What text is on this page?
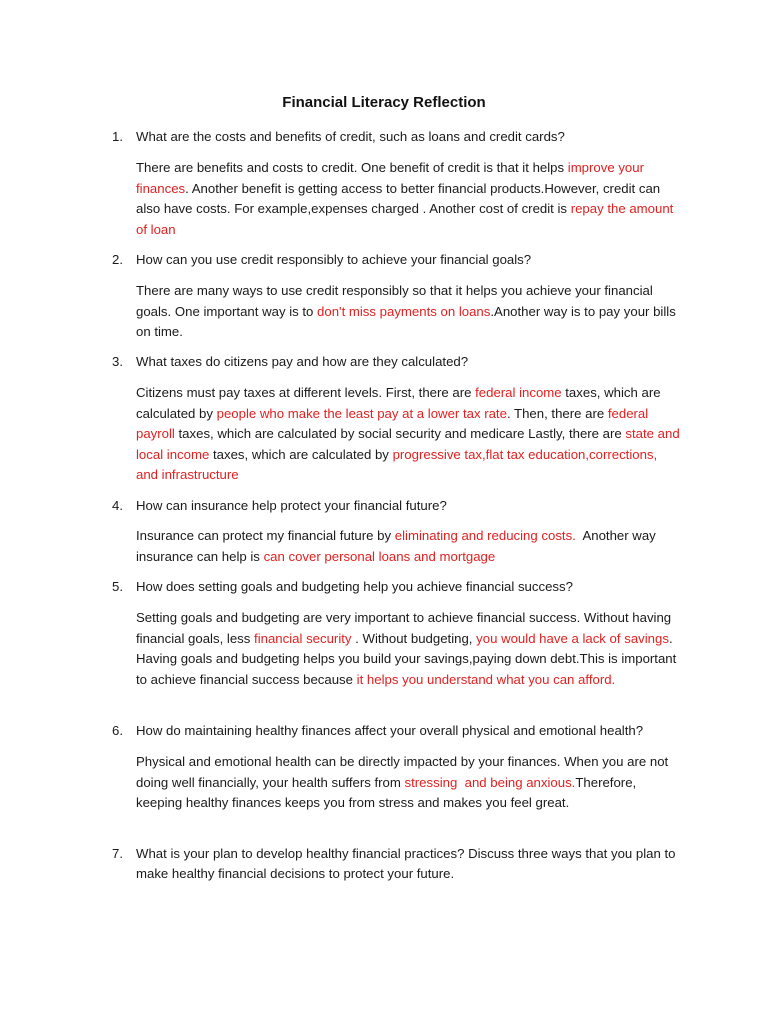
Financial Literacy Reflection
1. What are the costs and benefits of credit, such as loans and credit cards?
There are benefits and costs to credit. One benefit of credit is that it helps improve your finances. Another benefit is getting access to better financial products.However, credit can also have costs. For example,expenses charged . Another cost of credit is repay the amount of loan
2. How can you use credit responsibly to achieve your financial goals?
There are many ways to use credit responsibly so that it helps you achieve your financial goals. One important way is to don't miss payments on loans.Another way is to pay your bills on time.
3. What taxes do citizens pay and how are they calculated?
Citizens must pay taxes at different levels. First, there are federal income taxes, which are calculated by people who make the least pay at a lower tax rate. Then, there are federal payroll taxes, which are calculated by social security and medicare Lastly, there are state and local income taxes, which are calculated by progressive tax,flat tax education,corrections, and infrastructure
4. How can insurance help protect your financial future?
Insurance can protect my financial future by eliminating and reducing costs.  Another way insurance can help is can cover personal loans and mortgage
5. How does setting goals and budgeting help you achieve financial success?
Setting goals and budgeting are very important to achieve financial success. Without having financial goals, less financial security . Without budgeting, you would have a lack of savings. Having goals and budgeting helps you build your savings,paying down debt.This is important to achieve financial success because it helps you understand what you can afford.
6. How do maintaining healthy finances affect your overall physical and emotional health?
Physical and emotional health can be directly impacted by your finances. When you are not doing well financially, your health suffers from stressing  and being anxious.Therefore, keeping healthy finances keeps you from stress and makes you feel great.
7. What is your plan to develop healthy financial practices? Discuss three ways that you plan to make healthy financial decisions to protect your future.
